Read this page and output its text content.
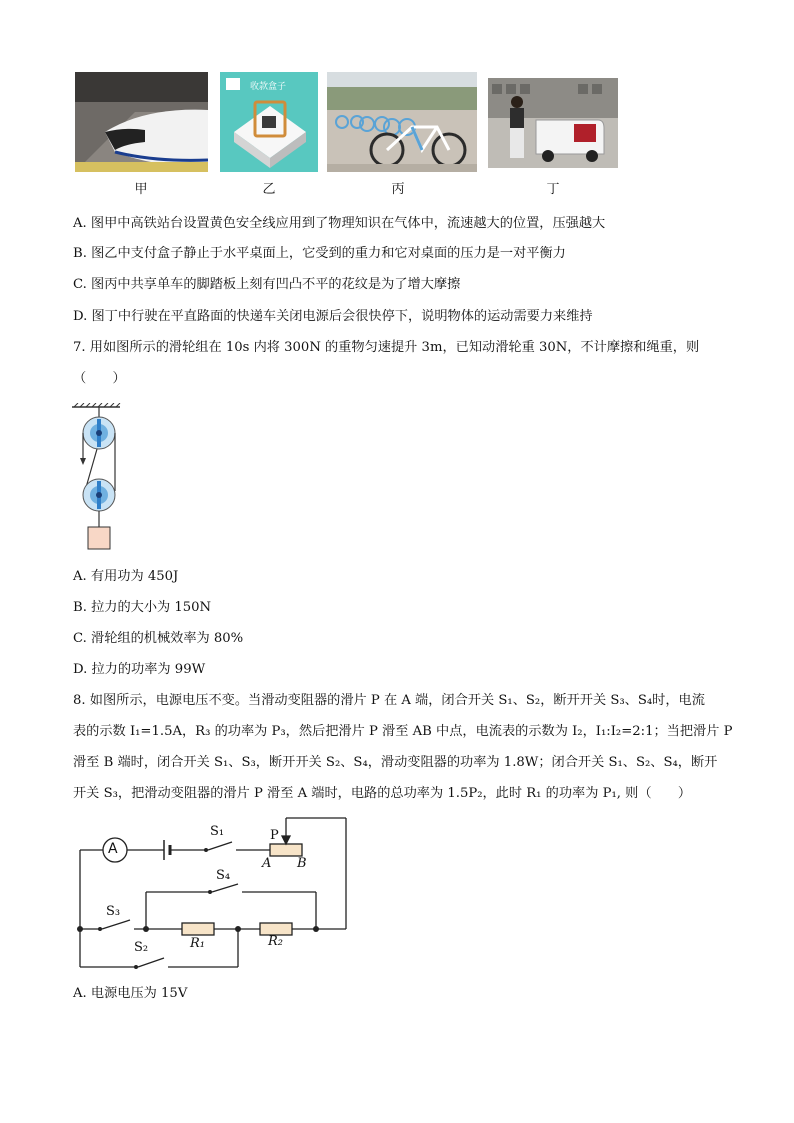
甲
收款盒子
乙	丙	丁
A. 图甲中高铁站台设置黄色安全线应用到了物理知识在气体中，流速越大的位置，压强越大
B. 图乙中支付盒子静止于水平桌面上，它受到的重力和它对桌面的压力是一对平衡力
C. 图丙中共享单车的脚踏板上刻有凹凸不平的花纹是为了增大摩擦
D. 图丁中行驶在平直路面的快递车关闭电源后会很快停下，说明物体的运动需要力来维持
7. 用如图所示的滑轮组在 10s 内将 300N 的重物匀速提升 3m，已知动滑轮重 30N，不计摩擦和绳重，则
（　　）
A. 有用功为 450J
B. 拉力的大小为 150N
C. 滑轮组的机械效率为 80%
D. 拉力的功率为 99W
8. 如图所示，电源电压不变。当滑动变阻器的滑片 P 在 A 端，闭合开关 S₁、S₂，断开开关 S₃、S₄时，电流
表的示数 I₁=1.5A，R₃ 的功率为 P₃，然后把滑片 P 滑至 AB 中点，电流表的示数为 I₂，I₁:I₂=2:1；当把滑片 P
滑至 B 端时，闭合开关 S₁、S₃，断开开关 S₂、S₄，滑动变阻器的功率为 1.8W；闭合开关 S₁、S₂、S₄，断开
开关 S₃，把滑动变阻器的滑片 P 滑至 A 端时，电路的总功率为 1.5P₂，此时 R₁ 的功率为 P₁, 则（　　）
A
S₁	P
A B
S₄
S₃
R₁	R₂
S₂
A. 电源电压为 15V
